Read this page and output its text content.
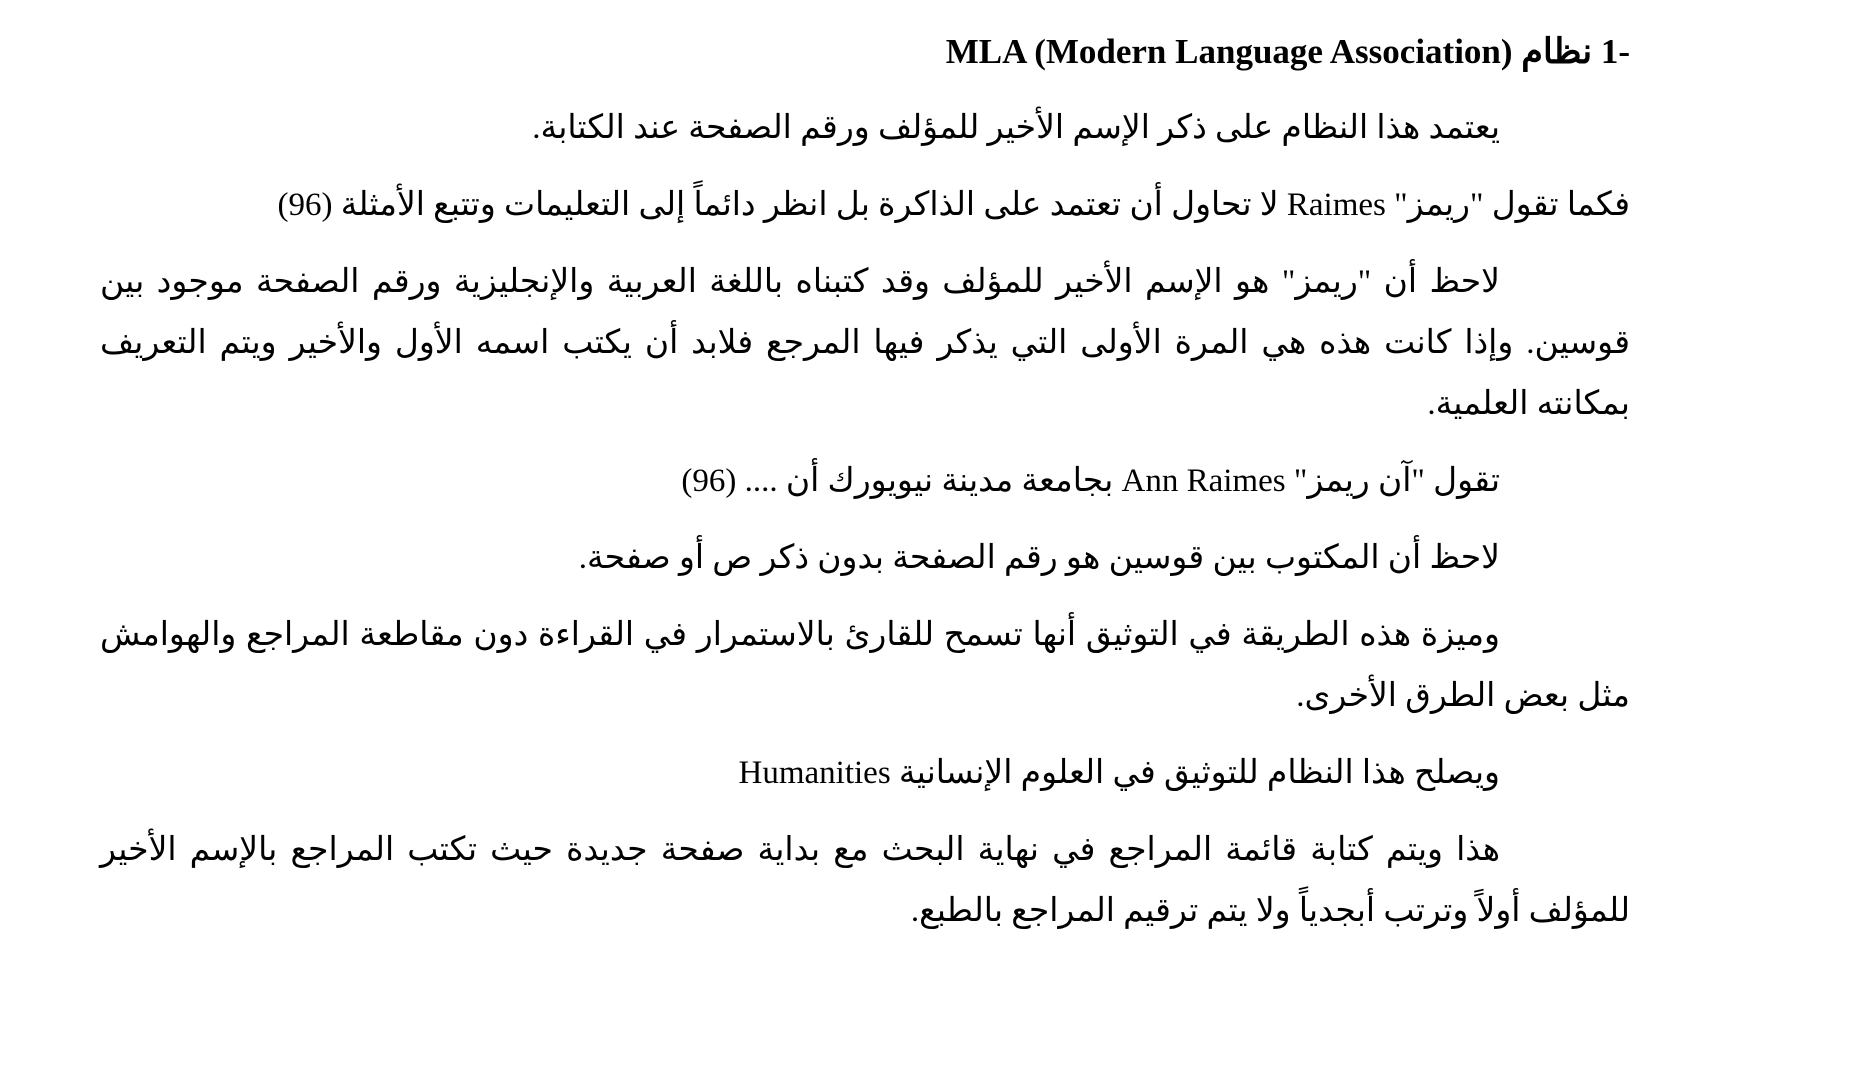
-1 نظام MLA (Modern Language Association)

يعتمد هذا النظام على ذكر الإسم الأخير للمؤلف ورقم الصفحة عند الكتابة.

فكما تقول "ريمز" Raimes لا تحاول أن تعتمد على الذاكرة بل انظر دائماً إلى التعليمات وتتبع الأمثلة (96)

لاحظ أن "ريمز" هو الإسم الأخير للمؤلف وقد كتبناه باللغة العربية والإنجليزية ورقم الصفحة موجود بين قوسين. وإذا كانت هذه هي المرة الأولى التي يذكر فيها المرجع فلابد أن يكتب اسمه الأول والأخير ويتم التعريف بمكانته العلمية.

تقول "آن ريمز" Ann Raimes بجامعة مدينة نيويورك أن .... (96)

لاحظ أن المكتوب بين قوسين هو رقم الصفحة بدون ذكر ص أو صفحة.

وميزة هذه الطريقة في التوثيق أنها تسمح للقارئ بالاستمرار في القراءة دون مقاطعة المراجع والهوامش مثل بعض الطرق الأخرى.

ويصلح هذا النظام للتوثيق في العلوم الإنسانية Humanities

هذا ويتم كتابة قائمة المراجع في نهاية البحث مع بداية صفحة جديدة حيث تكتب المراجع بالإسم الأخير للمؤلف أولاً وترتب أبجدياً ولا يتم ترقيم المراجع بالطبع.
